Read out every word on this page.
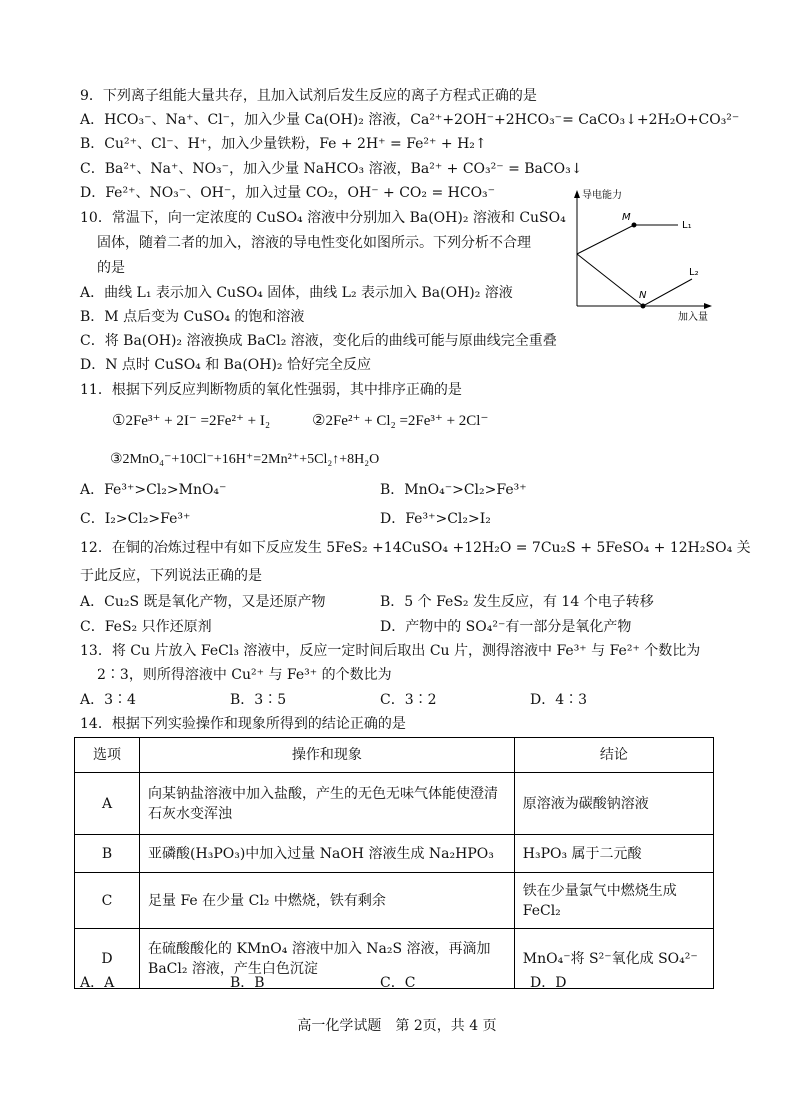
9．下列离子组能大量共存，且加入试剂后发生反应的离子方程式正确的是
A．HCO₃⁻、Na⁺、Cl⁻，加入少量 Ca(OH)₂ 溶液，Ca²⁺+2OH⁻+2HCO₃⁻= CaCO₃↓+2H₂O+CO₃²⁻
B．Cu²⁺、Cl⁻、H⁺，加入少量铁粉，Fe + 2H⁺ = Fe²⁺ + H₂↑
C．Ba²⁺、Na⁺、NO₃⁻，加入少量 NaHCO₃ 溶液，Ba²⁺ + CO₃²⁻ = BaCO₃↓
D．Fe²⁺、NO₃⁻、OH⁻，加入过量 CO₂，OH⁻ + CO₂ = HCO₃⁻
10．常温下，向一定浓度的 CuSO₄ 溶液中分别加入 Ba(OH)₂ 溶液和 CuSO₄
固体，随着二者的加入，溶液的导电性变化如图所示。下列分析不合理
的是
A．曲线 L₁ 表示加入 CuSO₄ 固体，曲线 L₂ 表示加入 Ba(OH)₂ 溶液
B．M 点后变为 CuSO₄ 的饱和溶液
C．将 Ba(OH)₂ 溶液换成 BaCl₂ 溶液，变化后的曲线可能与原曲线完全重叠
D．N 点时 CuSO₄ 和 Ba(OH)₂ 恰好完全反应
导电能力
加入量
M
N
L₁
L₂
11．根据下列反应判断物质的氧化性强弱，其中排序正确的是
①2Fe³⁺ + 2I⁻ =2Fe²⁺ + I₂	②2Fe²⁺ + Cl₂ =2Fe³⁺ + 2Cl⁻
③2MnO₄⁻+10Cl⁻+16H⁺=2Mn²⁺+5Cl₂↑+8H₂O
A．Fe³⁺>Cl₂>MnO₄⁻	B．MnO₄⁻>Cl₂>Fe³⁺
C．I₂>Cl₂>Fe³⁺	D．Fe³⁺>Cl₂>I₂
12．在铜的冶炼过程中有如下反应发生 5FeS₂ +14CuSO₄ +12H₂O = 7Cu₂S + 5FeSO₄ + 12H₂SO₄ 关
于此反应，下列说法正确的是
A．Cu₂S 既是氧化产物，又是还原产物	B．5 个 FeS₂ 发生反应，有 14 个电子转移
C．FeS₂ 只作还原剂	D．产物中的 SO₄²⁻有一部分是氧化产物
13．将 Cu 片放入 FeCl₃ 溶液中，反应一定时间后取出 Cu 片，测得溶液中 Fe³⁺ 与 Fe²⁺ 个数比为
2∶3，则所得溶液中 Cu²⁺ 与 Fe³⁺ 的个数比为
A．3∶4	B．3∶5	C．3∶2	D．4∶3
14．根据下列实验操作和现象所得到的结论正确的是
选项	操作和现象	结论
A	向某钠盐溶液中加入盐酸，产生的无色无味气体能使澄清石灰水变浑浊	原溶液为碳酸钠溶液
B	亚磷酸(H₃PO₃)中加入过量 NaOH 溶液生成 Na₂HPO₃	H₃PO₃ 属于二元酸
C	足量 Fe 在少量 Cl₂ 中燃烧，铁有剩余	铁在少量氯气中燃烧生成 FeCl₂
D	在硫酸酸化的 KMnO₄ 溶液中加入 Na₂S 溶液，再滴加 BaCl₂ 溶液，产生白色沉淀	MnO₄⁻将 S²⁻氧化成 SO₄²⁻
A．A	B．B	C．C	D．D
高一化学试题　第 2页，共 4 页
